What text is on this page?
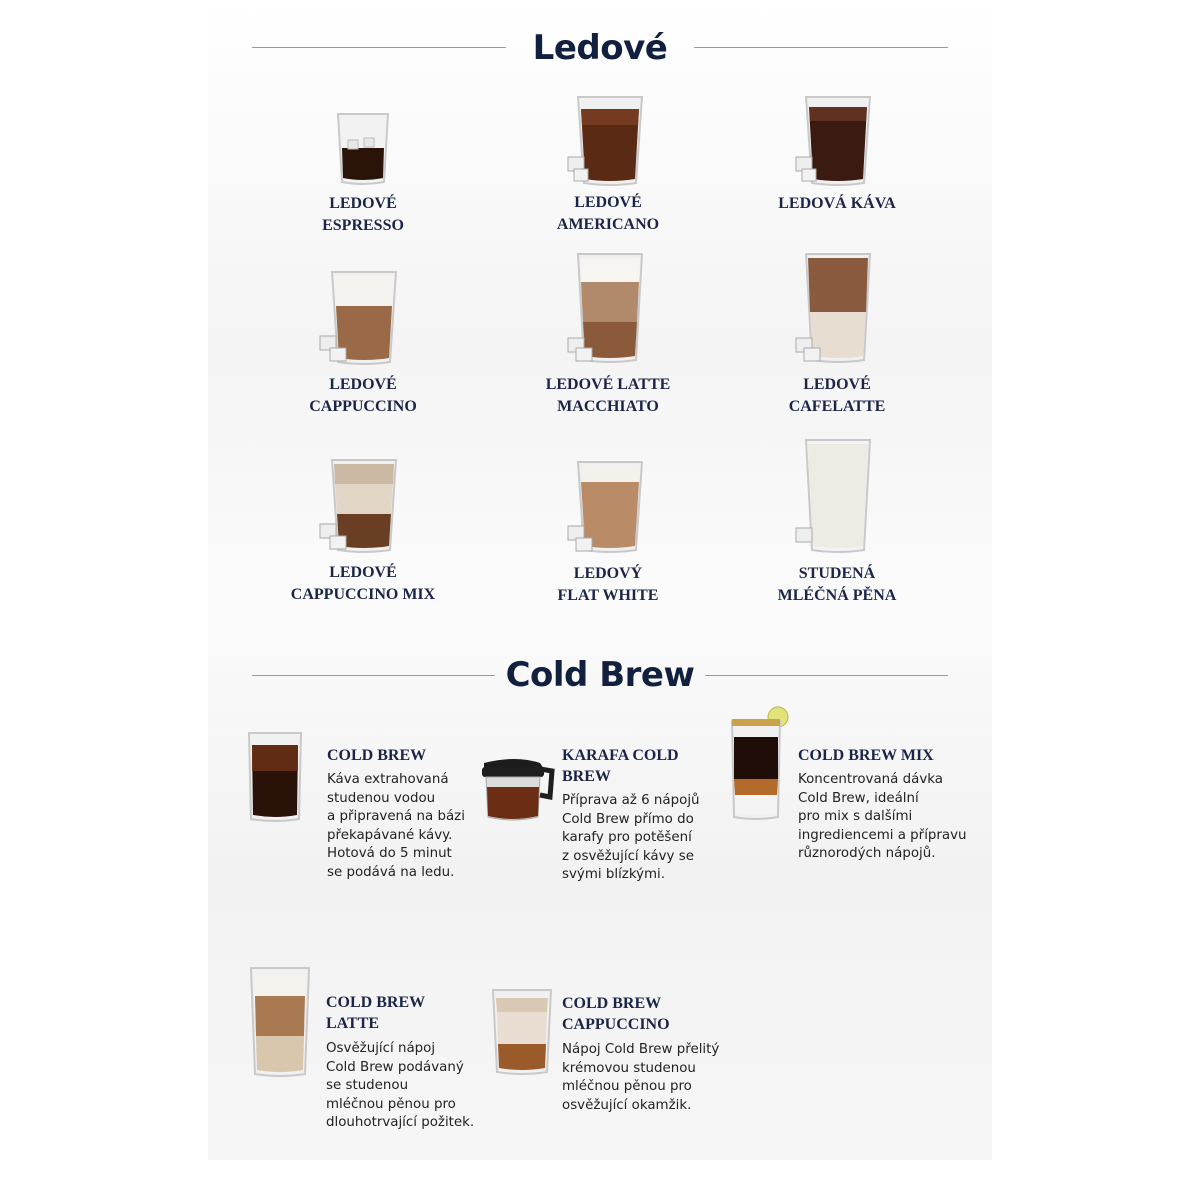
Ledové
LEDOVÉ
ESPRESSO
LEDOVÉ
AMERICANO
LEDOVÁ KÁVA
LEDOVÉ
CAPPUCCINO
LEDOVÉ LATTE
MACCHIATO
LEDOVÉ
CAFELATTE
LEDOVÉ
CAPPUCCINO MIX
LEDOVÝ
FLAT WHITE
STUDENÁ
MLÉČNÁ PĚNA
Cold Brew
COLD BREW
Káva extrahovaná
studenou vodou
a připravená na bázi
překapávané kávy.
Hotová do 5 minut
se podává na ledu.
KARAFA COLD
BREW
Příprava až 6 nápojů
Cold Brew přímo do
karafy pro potěšení
z osvěžující kávy se
svými blízkými.
COLD BREW MIX
Koncentrovaná dávka
Cold Brew, ideální
pro mix s dalšími
ingrediencemi a přípravu
různorodých nápojů.
COLD BREW
LATTE
Osvěžující nápoj
Cold Brew podávaný
se studenou
mléčnou pěnou pro
dlouhotrvající požitek.
COLD BREW
CAPPUCCINO
Nápoj Cold Brew přelitý
krémovou studenou
mléčnou pěnou pro
osvěžující okamžik.
